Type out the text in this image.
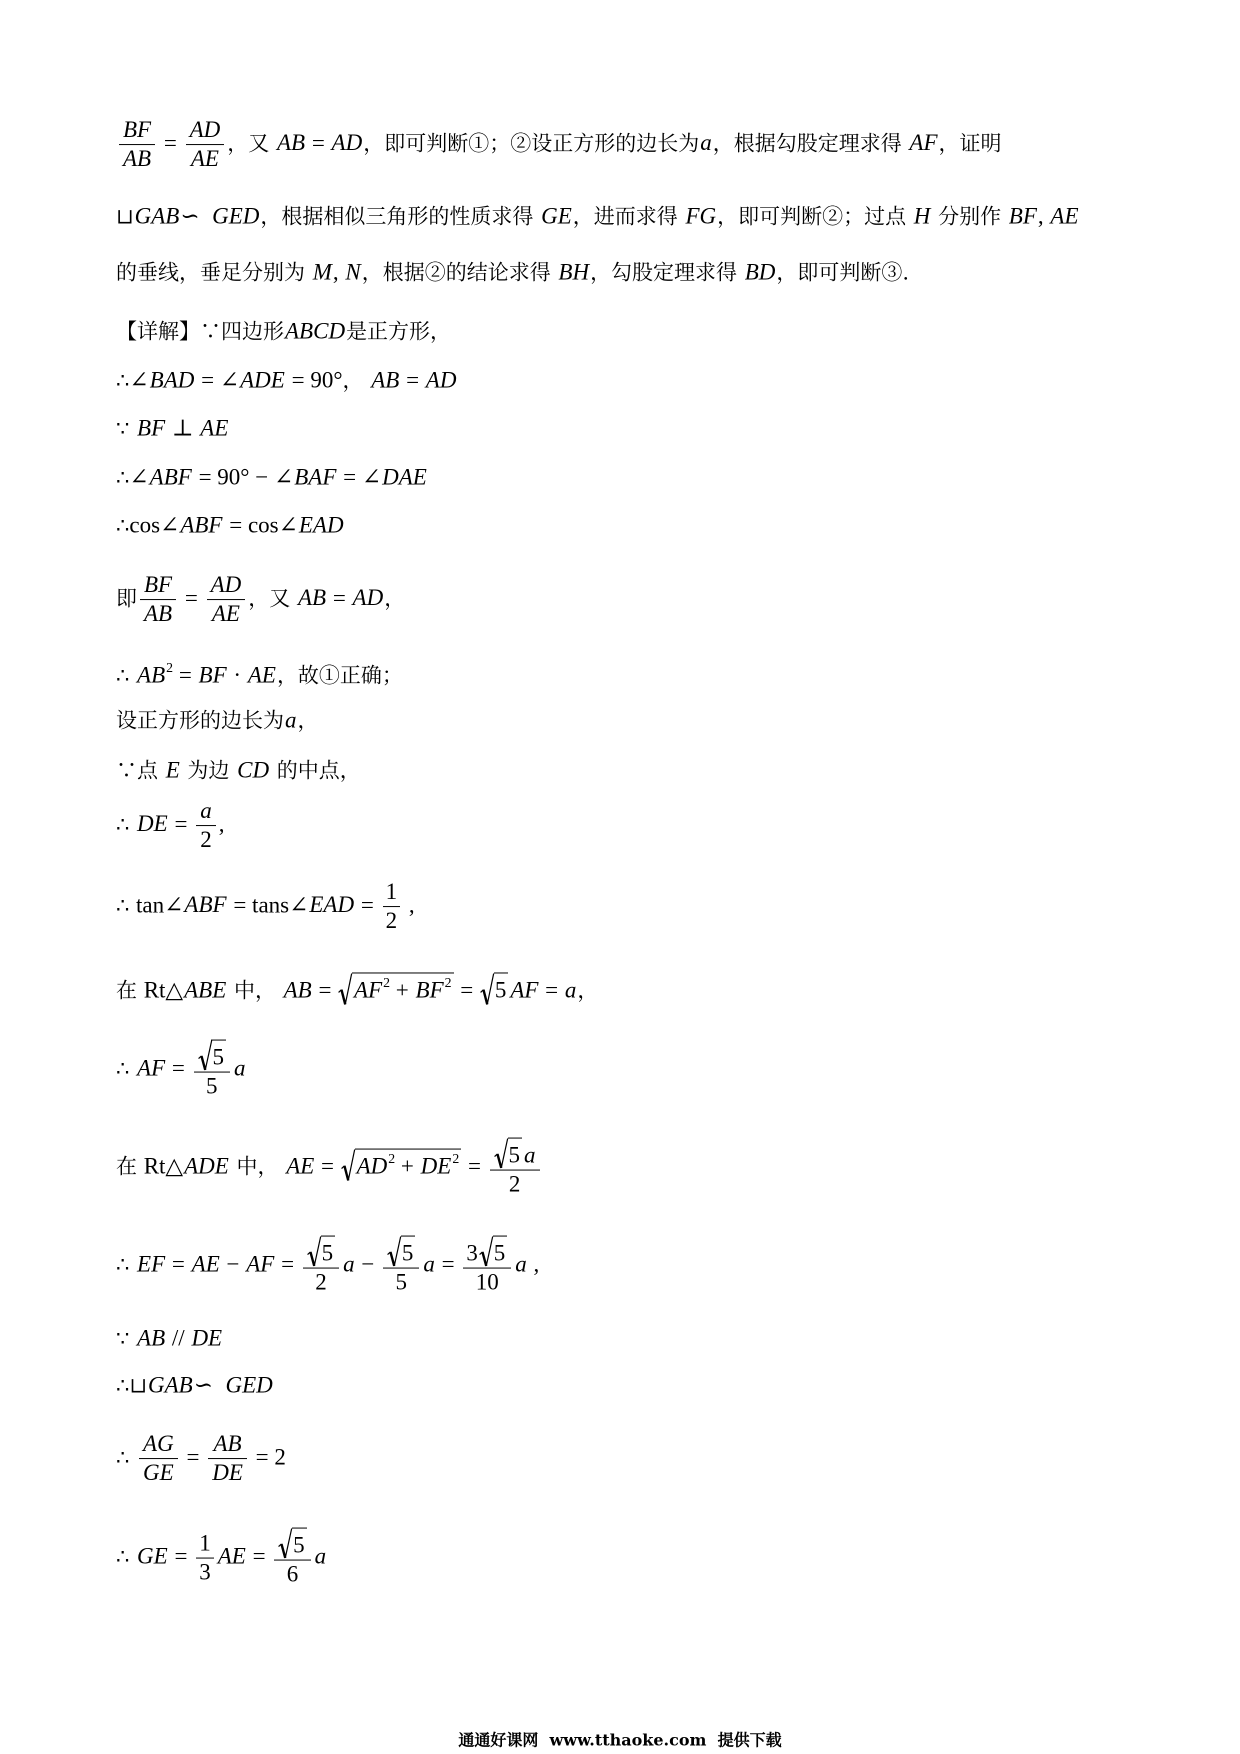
$\frac{BF}{AB} = \frac{AD}{AE}$ ，又 AB = AD，即可判断①；②设正方形的边长为a，根据勾股定理求得 AF，证明
⊔GAB∽  GED，根据相似三角形的性质求得 GE，进而求得 FG，即可判断②；过点 H 分别作 BF, AE
的垂线，垂足分别为 M, N，根据②的结论求得 BH，勾股定理求得 BD，即可判断③.
【详解】∵四边形ABCD是正方形，
∴∠BAD = ∠ADE = 90°， AB = AD
∵ BF ⊥ AE
∴∠ABF = 90° − ∠BAF = ∠DAE
∴cos∠ABF = cos∠EAD
即 $\frac{BF}{AB} = \frac{AD}{AE}$ ，又 AB = AD，
∴ $AB^2$ = BF · AE，故①正确；
设正方形的边长为a，
∵点 E 为边 CD 的中点，
∴ DE = $\frac{a}{2}$ ,
∴ tan∠ABF = tans∠EAD = $\frac{1}{2}$ ,
在 Rt△ABE 中， AB =
$AF^2 + BF^2$ =
5 AF = a，
∴ AF = $\frac{5}{5}$ a
在 Rt△ADE 中， AE =
$AD^2 + DE^2 = \frac{5 a}{2}$
∴ EF = AE − AF = $\frac{5}{2}$ $a - \frac{5}{5}$ $a = \frac{3 5}{10}$ a ,
∵ AB // DE
∴⊔GAB∽  GED
∴ $\frac{AG}{GE} = \frac{AB}{DE} = 2$
∴ GE = $\frac{1}{3}$ AE = $\frac{5}{6}$ a
通通好课网  www.tthaoke.com  提供下载
